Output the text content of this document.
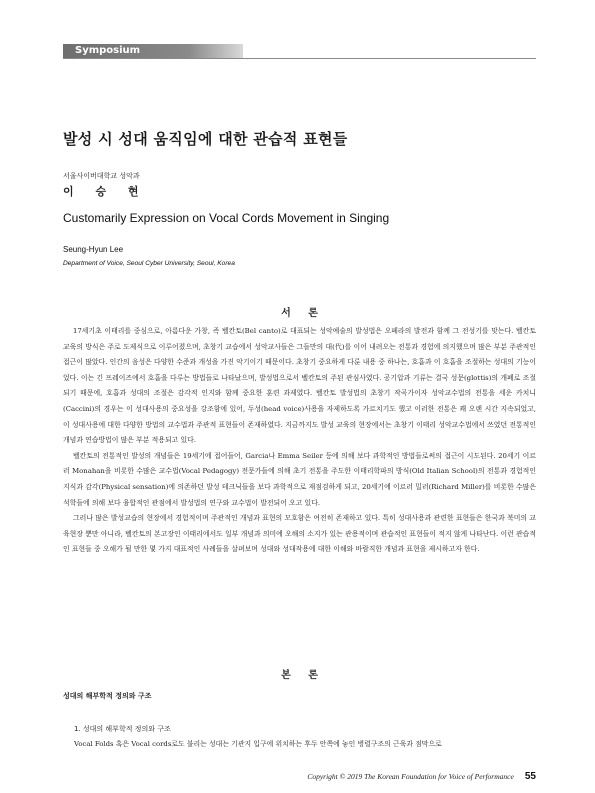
Symposium
발성 시 성대 움직임에 대한 관습적 표현들
서울사이버대학교 성악과
이 승 현
Customarily Expression on Vocal Cords Movement in Singing
Seung-Hyun Lee
Department of Voice, Seoul Cyber University, Seoul, Korea
서 론

17세기초 이태리를 중심으로, 아름다운 가창, 즉 벨칸토(Bel canto)로 대표되는 성악예술의 발성법은 오페라의 발전과 함께 그 전성기를 맞는다. 벨칸토 교육의 방식은 주로 도제식으로 이루어졌으며, 초창기 교습에서 성악교사들은 그들만의 대(代)를 이어 내려오는 전통과 경험에 의지했으며 많은 부분 주관적인 접근이 많았다. 인간의 음성은 다양한 수준과 개성을 가진 악기이기 때문이다. 초창기 중요하게 다룬 내용 중 하나는, 호흡과 이 호흡을 조절하는 성대의 기능이었다. 이는 긴 프레이즈에서 호흡을 다루는 방법들로 나타났으며, 발성법으로서 벨칸토의 주된 관심사였다. 공기압과 기류는 결국 성문(glottis)의 개폐로 조절되기 때문에, 호흡과 성대의 조절은 감각적 인지와 함께 중요한 훈련 과제였다. 벨칸토 발성법의 초창기 작곡가이자 성악교수법의 전통을 세운 카치니(Caccini)의 경우는 이 성대사용의 중요성을 강조함에 있어, 두성(head voice)사용을 자제하도록 가르치기도 했고 이러한 전통은 꽤 오랜 시간 지속되었고, 이 성대사용에 대한 다양한 방법의 교수법과 주관적 표현들이 존재하였다. 지금까지도 발성 교육의 현장에서는 초창기 이태리 성악교수법에서 쓰였던 전통적인 개념과 연습방법이 많은 부분 적용되고 있다.

벨칸토의 전통적인 발성의 개념들은 19세기에 접어들어, Garcia나 Emma Seiler 등에 의해 보다 과학적인 방법들로써의 접근이 시도된다. 20세기 이르러 Monahan을 비롯한 수많은 교수법(Vocal Pedagogy) 전문가들에 의해 초기 전통을 주도한 이태리학파의 방식(Old Italian School)의 전통과 경험적인 지식과 감각(Physical sensation)에 의존하던 발성 테크닉들을 보다 과학적으로 재점검하게 되고, 20세기에 이르러 밀러(Richard Miller)를 비롯한 수많은 석학들에 의해 보다 융합적인 관점에서 발성법의 연구와 교수법이 발전되어 오고 있다.

그러나 많은 발성교습의 현장에서 경험적이며 주관적인 개념과 표현의 모호함은 여전히 존재하고 있다. 특히 성대사용과 관련한 표현들은 한국과 북미의 교육현장 뿐만 아니라, 벨칸토의 본고장인 이태리에서도 일부 개념과 의미에 오해의 소지가 있는 관용적이며 관습적인 표현들이 적지 않게 나타난다. 이런 관습적인 표현들 중 오해가 될 만한 몇 가지 대표적인 사례들을 살펴보며 성대와 성대작용에 대한 이해와 바람직한 개념과 표현을 제시하고자 한다.

본 론
성대의 해부학적 정의와 구조
1. 성대의 해부학적 정의와 구조
Vocal Folds 혹은 Vocal cords로도 불리는 성대는 기관지 입구에 위치하는 후두 안쪽에 놓인 병렬구조의 근육과 점막으로
Copyright © 2019 The Korean Foundation for Voice of Performance 55
